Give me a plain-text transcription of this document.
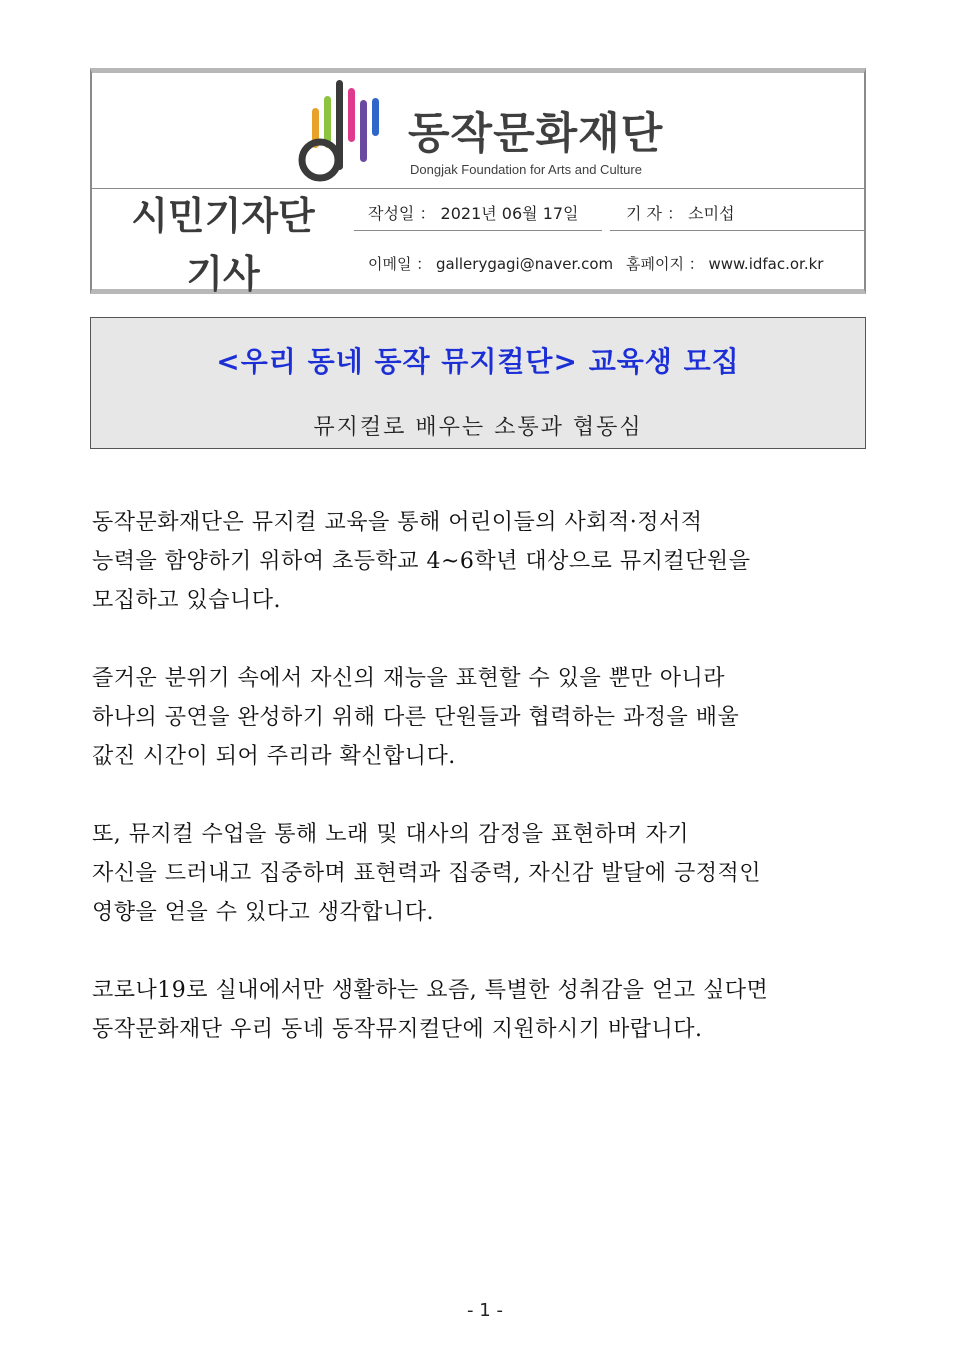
동작문화재단
Dongjak Foundation for Arts and Culture
시민기자단
기사
작성일 ： 2021년 06월 17일	기 자 ： 소미섭
이메일 ： gallerygagi@naver.com 홈페이지 ： www.idfac.or.kr
<우리 동네 동작 뮤지컬단> 교육생 모집
뮤지컬로 배우는 소통과 협동심
동작문화재단은 뮤지컬 교육을 통해 어린이들의 사회적·정서적
능력을 함양하기 위하여 초등학교 4~6학년 대상으로 뮤지컬단원을
모집하고 있습니다.
즐거운 분위기 속에서 자신의 재능을 표현할 수 있을 뿐만 아니라
하나의 공연을 완성하기 위해 다른 단원들과 협력하는 과정을 배울
값진 시간이 되어 주리라 확신합니다.
또, 뮤지컬 수업을 통해 노래 및 대사의 감정을 표현하며 자기
자신을 드러내고 집중하며 표현력과 집중력, 자신감 발달에 긍정적인
영향을 얻을 수 있다고 생각합니다.
코로나19로 실내에서만 생활하는 요즘, 특별한 성취감을 얻고 싶다면
동작문화재단 우리 동네 동작뮤지컬단에 지원하시기 바랍니다.
- 1 -
